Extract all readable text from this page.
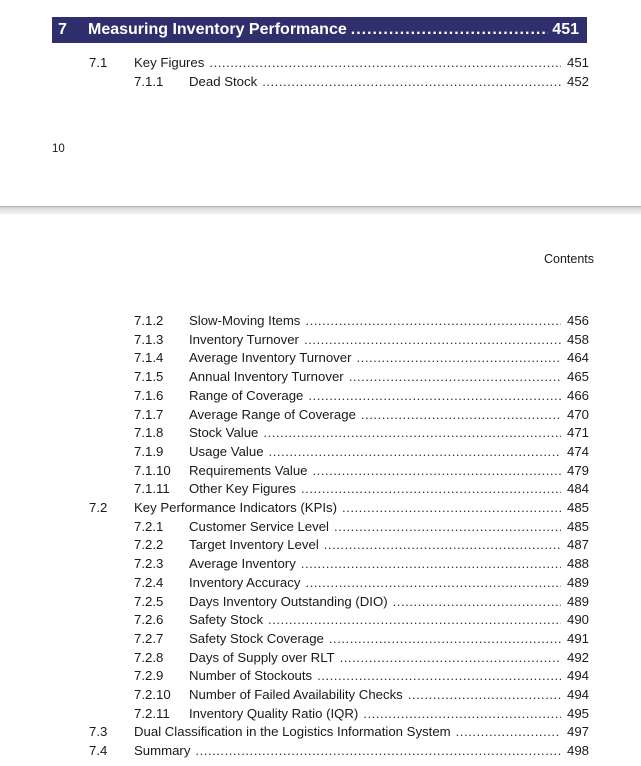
7	Measuring Inventory Performance .....	451
7.1	Key Figures .....	451
7.1.1	Dead Stock .....	452
10
Contents
7.1.2	Slow-Moving Items .....	456
7.1.3	Inventory Turnover .....	458
7.1.4	Average Inventory Turnover .....	464
7.1.5	Annual Inventory Turnover .....	465
7.1.6	Range of Coverage .....	466
7.1.7	Average Range of Coverage .....	470
7.1.8	Stock Value .....	471
7.1.9	Usage Value .....	474
7.1.10	Requirements Value .....	479
7.1.11	Other Key Figures .....	484
7.2	Key Performance Indicators (KPIs) .....	485
7.2.1	Customer Service Level .....	485
7.2.2	Target Inventory Level .....	487
7.2.3	Average Inventory .....	488
7.2.4	Inventory Accuracy .....	489
7.2.5	Days Inventory Outstanding (DIO) .....	489
7.2.6	Safety Stock .....	490
7.2.7	Safety Stock Coverage .....	491
7.2.8	Days of Supply over RLT .....	492
7.2.9	Number of Stockouts .....	494
7.2.10	Number of Failed Availability Checks .....	494
7.2.11	Inventory Quality Ratio (IQR) .....	495
7.3	Dual Classification in the Logistics Information System .....	497
7.4	Summary .....	498
